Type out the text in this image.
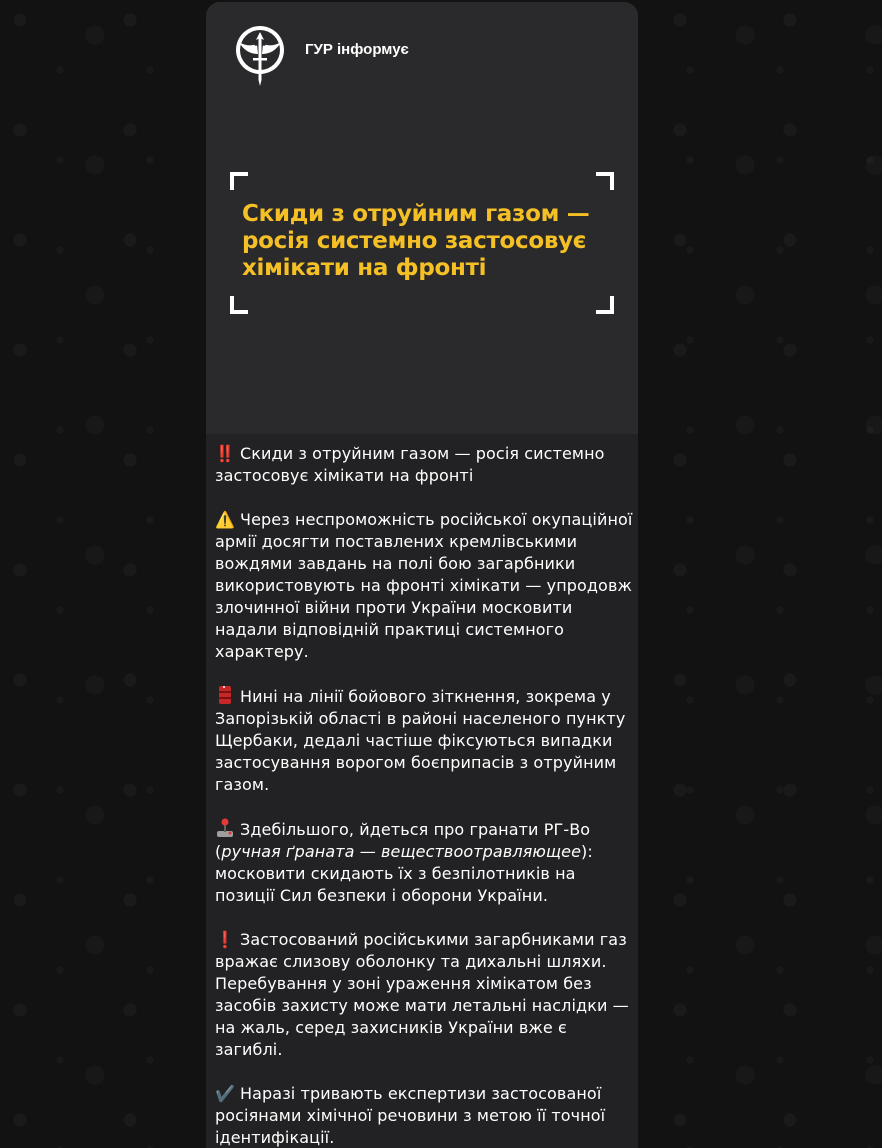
ГУР інформує
Скиди з отруйним газом — росія системно застосовує хімікати на фронті

‼️ Скиди з отруйним газом — росія системно застосовує хімікати на фронті

⚠️ Через неспроможність російської окупаційної армії досягти поставлених кремлівськими вождями завдань на полі бою загарбники використовують на фронті хімікати — упродовж злочинної війни проти України московити надали відповідній практиці системного характеру.

Нині на лінії бойового зіткнення, зокрема у Запорізькій області в районі населеного пункту Щербаки, дедалі частіше фіксуються випадки застосування ворогом боєприпасів з отруйним газом.

Здебільшого, йдеться про гранати РГ-Во (ручная ґраната — веществоотравляющее): московити скидають їх з безпілотників на позиції Сил безпеки і оборони України.

❗️ Застосований російськими загарбниками газ вражає слизову оболонку та дихальні шляхи. Перебування у зоні ураження хімікатом без засобів захисту може мати летальні наслідки — на жаль, серед захисників України вже є загиблі.

✔️ Наразі тривають експертизи застосованої росіянами хімічної речовини з метою її точної ідентифікації.
